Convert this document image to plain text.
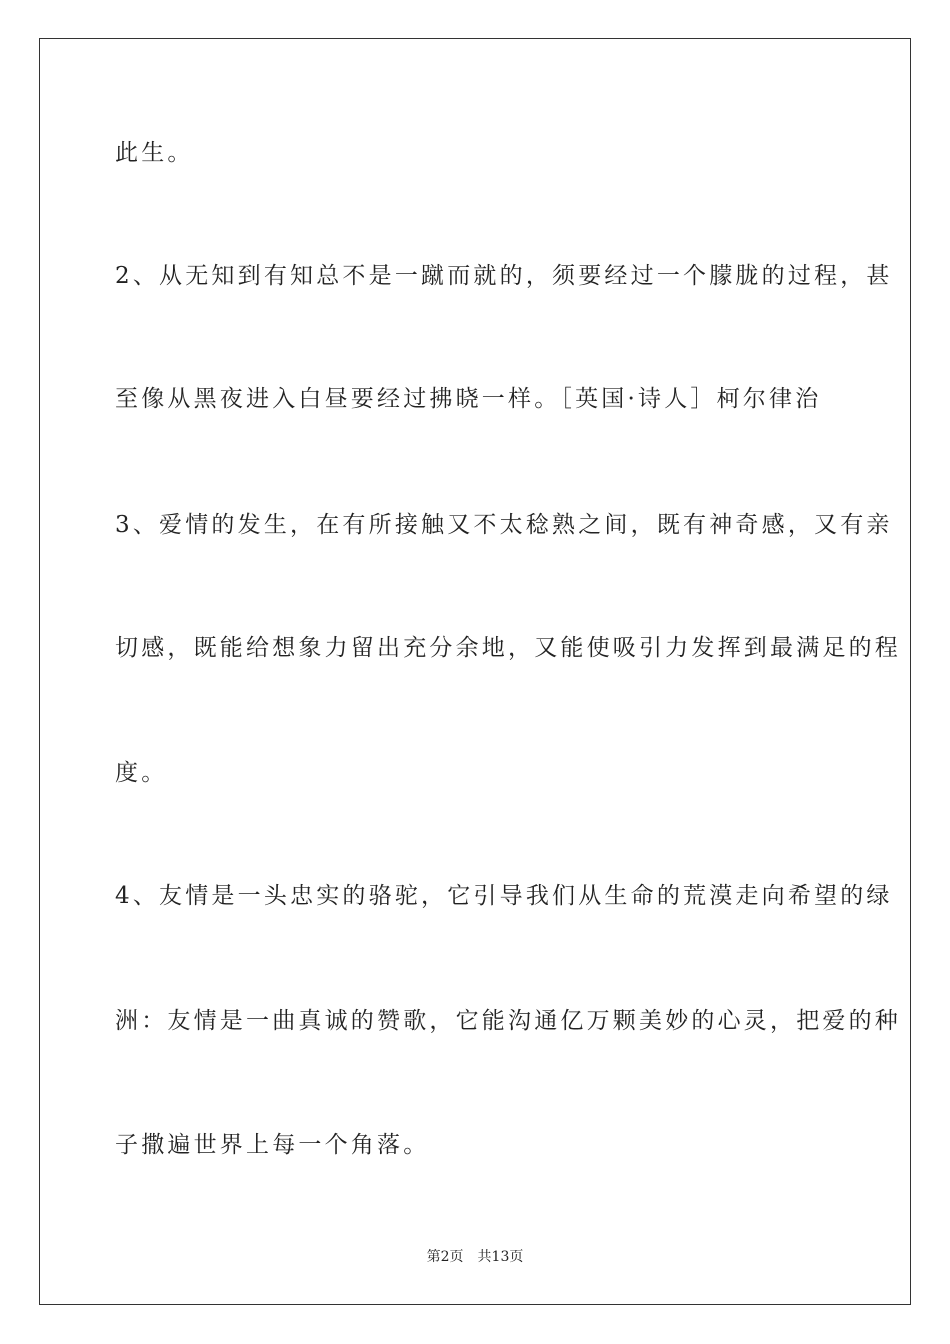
此生。
2、从无知到有知总不是一蹴而就的，须要经过一个朦胧的过程，甚
至像从黑夜进入白昼要经过拂晓一样。［英国·诗人］柯尔律治
3、爱情的发生，在有所接触又不太稔熟之间，既有神奇感，又有亲
切感，既能给想象力留出充分余地，又能使吸引力发挥到最满足的程
度。
4、友情是一头忠实的骆驼，它引导我们从生命的荒漠走向希望的绿
洲：友情是一曲真诚的赞歌，它能沟通亿万颗美妙的心灵，把爱的种
子撒遍世界上每一个角落。
第2页 共13页
